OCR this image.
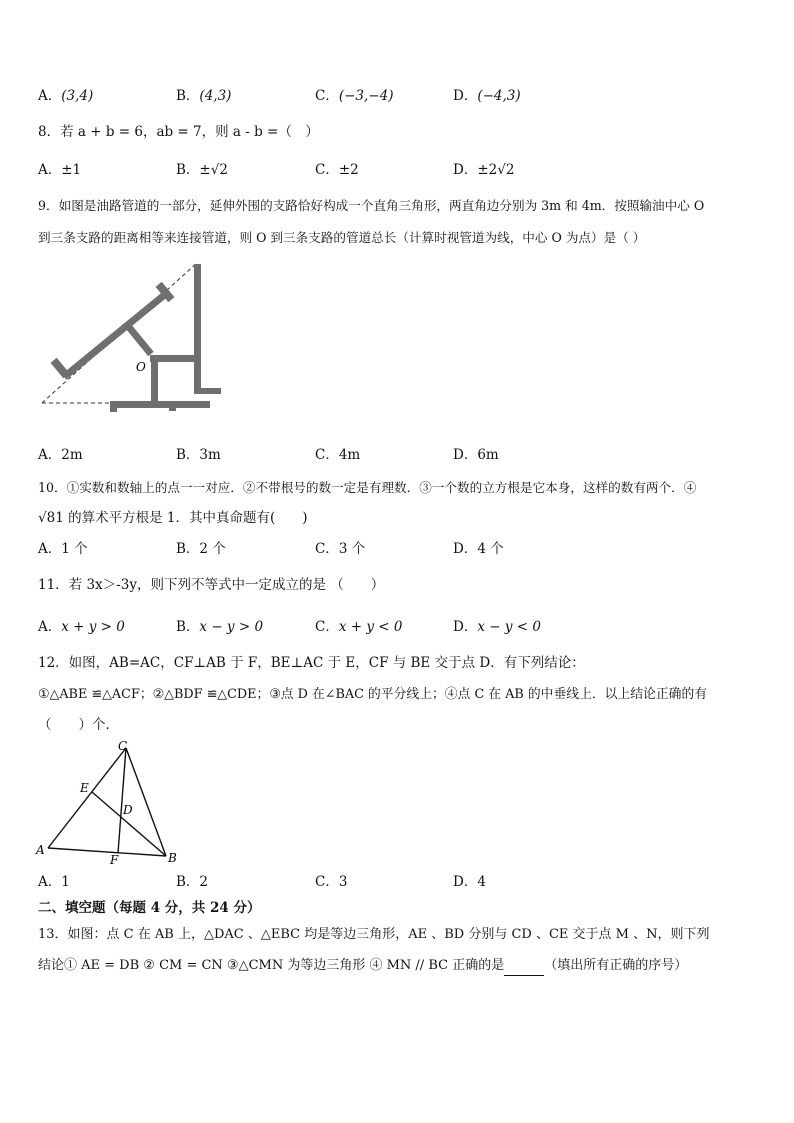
A．(3,4)	B．(4,3)	C．(−3,−4)	D．(−4,3)
8．若 a + b = 6，ab = 7，则 a - b =（　）
A．±1	B．±√2	C．±2	D．±2√2
9．如图是油路管道的一部分，延伸外围的支路恰好构成一个直角三角形，两直角边分别为 3m 和 4m．按照输油中心 O
到三条支路的距离相等来连接管道，则 O 到三条支路的管道总长（计算时视管道为线，中心 O 为点）是（ ）
O
A．2m	B．3m	C．4m	D．6m
10．①实数和数轴上的点一一对应．②不带根号的数一定是有理数．③一个数的立方根是它本身，这样的数有两个．④
√81 的算术平方根是 1．其中真命题有(　　)
A．1 个	B．2 个	C．3 个	D．4 个
11．若 3x＞-3y，则下列不等式中一定成立的是 （　　）
A．x + y > 0	B．x − y > 0	C．x + y < 0	D．x − y < 0
12．如图，AB=AC，CF⊥AB 于 F，BE⊥AC 于 E，CF 与 BE 交于点 D．有下列结论：
①△ABE ≌△ACF；②△BDF ≌△CDE；③点 D 在∠BAC 的平分线上；④点 C 在 AB 的中垂线上．以上结论正确的有
（　　）个．
C
E
D
A
F	B
A．1	B．2	C．3	D．4
二、填空题（每题 4 分，共 24 分）
13．如图：点 C 在 AB 上，△DAC 、△EBC 均是等边三角形，AE 、BD 分别与 CD 、CE 交于点 M 、N，则下列
结论① AE = DB ② CM = CN ③△CMN 为等边三角形 ④ MN // BC 正确的是	（填出所有正确的序号）
